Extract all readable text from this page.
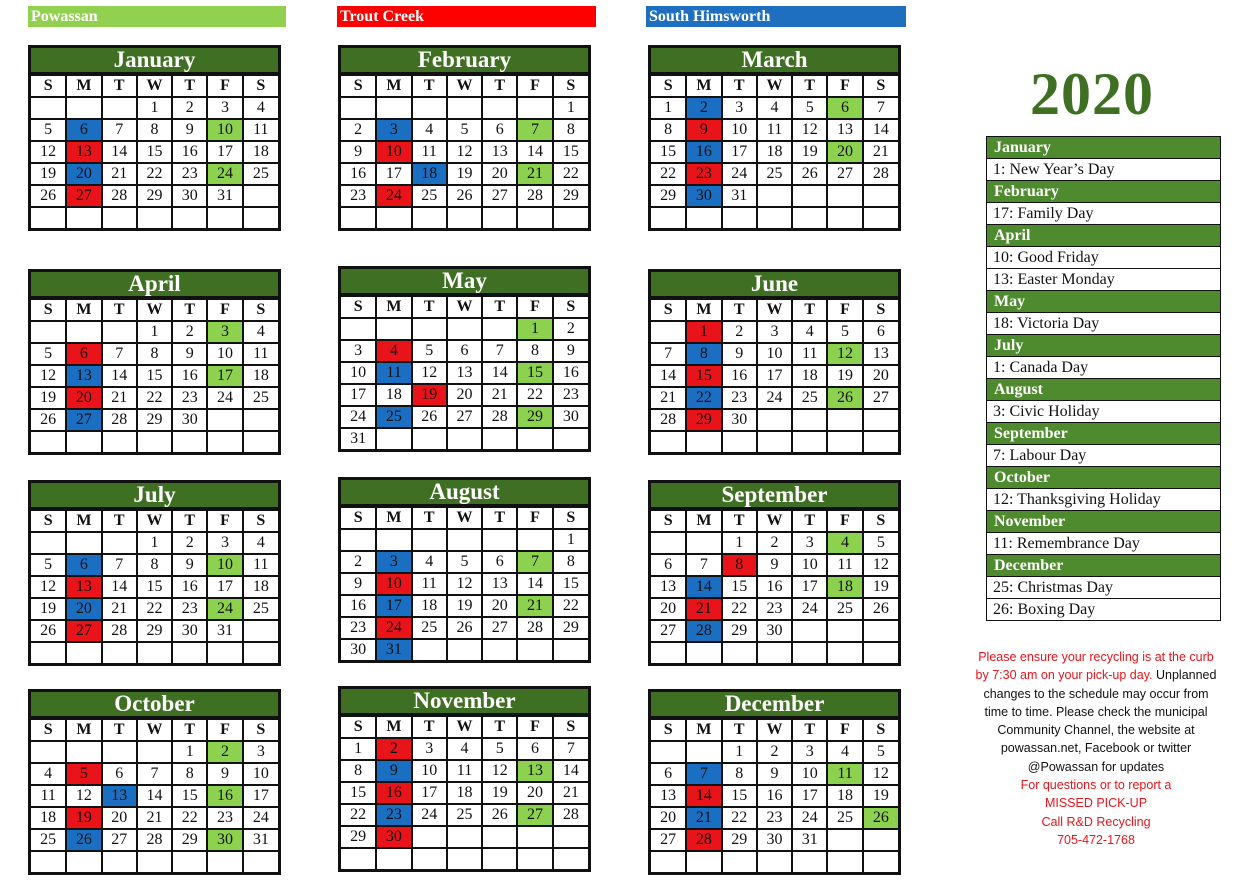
Powassan	Trout Creek	South Himsworth
January
S	M	T	W	T	F	S
			1	2	3	4
5	6	7	8	9	10	11
12	13	14	15	16	17	18
19	20	21	22	23	24	25
26	27	28	29	30	31	

February
S	M	T	W	T	F	S
						1
2	3	4	5	6	7	8
9	10	11	12	13	14	15
16	17	18	19	20	21	22
23	24	25	26	27	28	29

March
S	M	T	W	T	F	S
1	2	3	4	5	6	7
8	9	10	11	12	13	14
15	16	17	18	19	20	21
22	23	24	25	26	27	28
29	30	31				

April
S	M	T	W	T	F	S
			1	2	3	4
5	6	7	8	9	10	11
12	13	14	15	16	17	18
19	20	21	22	23	24	25
26	27	28	29	30		

May
S	M	T	W	T	F	S
					1	2
3	4	5	6	7	8	9
10	11	12	13	14	15	16
17	18	19	20	21	22	23
24	25	26	27	28	29	30
31						
June
S	M	T	W	T	F	S
	1	2	3	4	5	6
7	8	9	10	11	12	13
14	15	16	17	18	19	20
21	22	23	24	25	26	27
28	29	30				

July
S	M	T	W	T	F	S
			1	2	3	4
5	6	7	8	9	10	11
12	13	14	15	16	17	18
19	20	21	22	23	24	25
26	27	28	29	30	31	

August
S	M	T	W	T	F	S
						1
2	3	4	5	6	7	8
9	10	11	12	13	14	15
16	17	18	19	20	21	22
23	24	25	26	27	28	29
30	31					
September
S	M	T	W	T	F	S
		1	2	3	4	5
6	7	8	9	10	11	12
13	14	15	16	17	18	19
20	21	22	23	24	25	26
27	28	29	30			

October
S	M	T	W	T	F	S
				1	2	3
4	5	6	7	8	9	10
11	12	13	14	15	16	17
18	19	20	21	22	23	24
25	26	27	28	29	30	31

November
S	M	T	W	T	F	S
1	2	3	4	5	6	7
8	9	10	11	12	13	14
15	16	17	18	19	20	21
22	23	24	25	26	27	28
29	30					

December
S	M	T	W	T	F	S
		1	2	3	4	5
6	7	8	9	10	11	12
13	14	15	16	17	18	19
20	21	22	23	24	25	26
27	28	29	30	31		

2020
January
1: New Year’s Day
February
17: Family Day
April
10: Good Friday
13: Easter Monday
May
18: Victoria Day
July
1: Canada Day
August
3: Civic Holiday
September
7: Labour Day
October
12: Thanksgiving Holiday
November
11: Remembrance Day
December
25: Christmas Day
26: Boxing Day
Please ensure your recycling is at the curb
by 7:30 am on your pick-up day. Unplanned
changes to the schedule may occur from
time to time. Please check the municipal
Community Channel, the website at
powassan.net, Facebook or twitter
@Powassan for updates
For questions or to report a
MISSED PICK-UP
Call R&D Recycling
705-472-1768
